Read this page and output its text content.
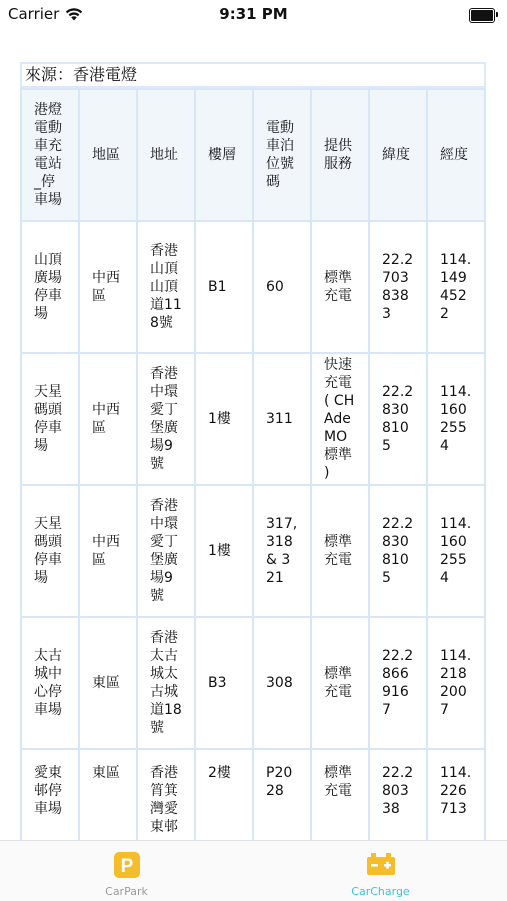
Carrier	9:31 PM
來源：香港電燈
港燈電動車充電站_停車場	地區	地址	樓層	電動車泊位號碼	提供服務	緯度	經度
山頂廣場停車場	中西區	香港山頂山頂道118號	B1	60	標準充電	22.27038383	114.1494522
天星碼頭停車場	中西區	香港中環愛丁堡廣場9號	1樓	311	快速充電 ( CHAdeMO標準 )	22.28308105	114.1602554
天星碼頭停車場	中西區	香港中環愛丁堡廣場9號	1樓	317, 318 & 321	標準充電	22.28308105	114.1602554
太古城中心停車場	東區	香港太古城太古城道18號	B3	308	標準充電	22.28669167	114.2182007
愛東邨停車場	東區	香港筲箕灣愛東邨	2樓	P2028	標準充電	22.280338	114.226713
P
CarPark	CarCharge
